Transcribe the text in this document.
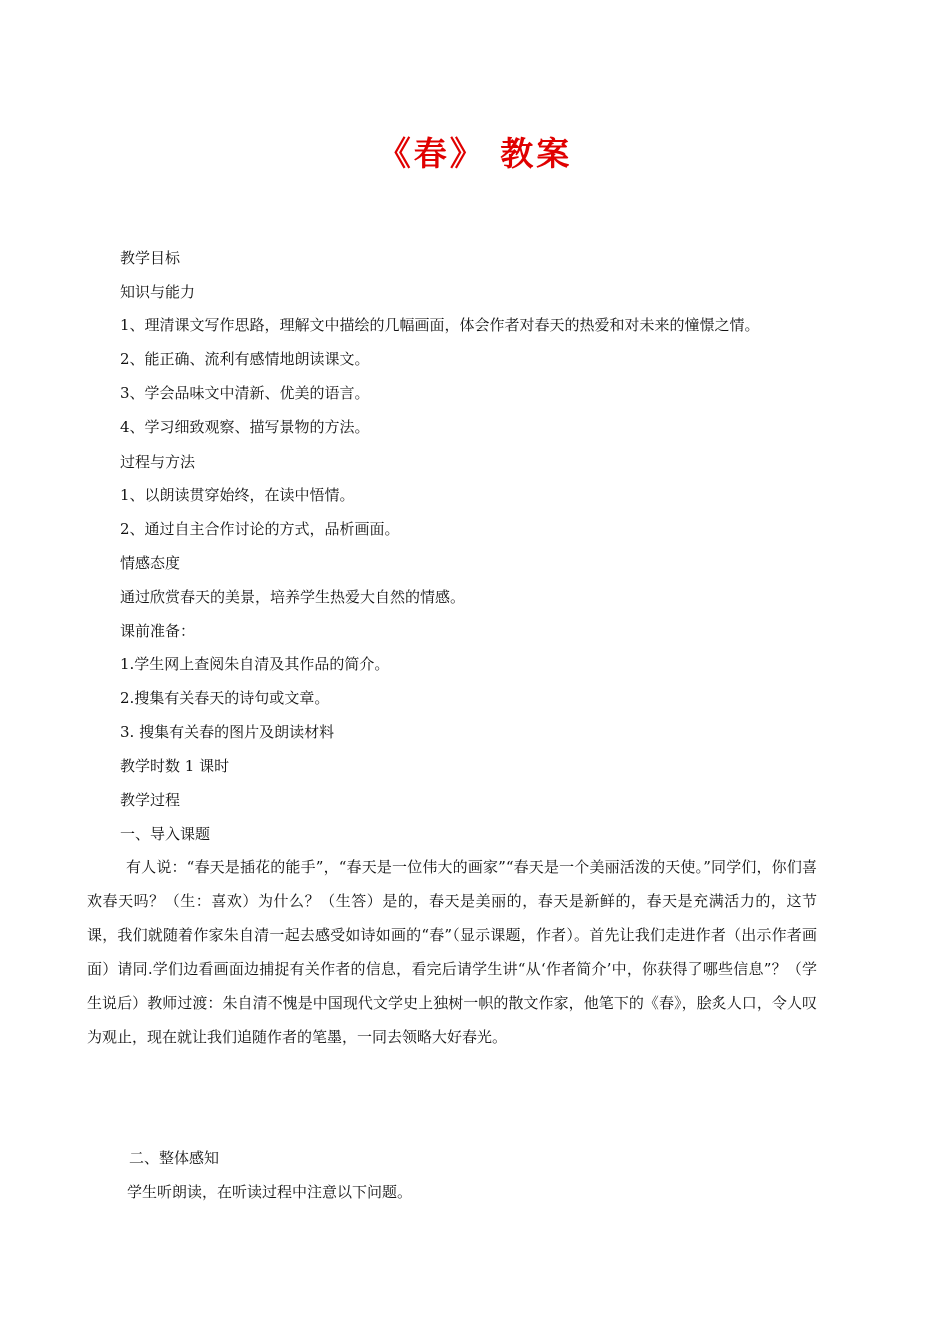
《春》 教案

教学目标

知识与能力

1、理清课文写作思路，理解文中描绘的几幅画面，体会作者对春天的热爱和对未来的憧憬之情。

2、能正确、流利有感情地朗读课文。

3、学会品味文中清新、优美的语言。

4、学习细致观察、描写景物的方法。

过程与方法

1、以朗读贯穿始终，在读中悟情。

2、通过自主合作讨论的方式，品析画面。

情感态度

通过欣赏春天的美景，培养学生热爱大自然的情感。

课前准备：

1.学生网上查阅朱自清及其作品的简介。

2.搜集有关春天的诗句或文章。

3. 搜集有关春的图片及朗读材料

教学时数 1 课时

教学过程

一、导入课题

有人说：“春天是插花的能手”，“春天是一位伟大的画家”“春天是一个美丽活泼的天使。”同学们，你们喜欢春天吗？（生：喜欢）为什么？（生答）是的，春天是美丽的，春天是新鲜的，春天是充满活力的，这节课，我们就随着作家朱自清一起去感受如诗如画的“春”（显示课题，作者）。首先让我们走进作者（出示作者画面）请同.学们边看画面边捕捉有关作者的信息，看完后请学生讲“从‘作者简介’中，你获得了哪些信息”？（学生说后）教师过渡：朱自清不愧是中国现代文学史上独树一帜的散文作家，他笔下的《春》，脍炙人口，令人叹为观止，现在就让我们追随作者的笔墨，一同去领略大好春光。

二、整体感知

学生听朗读，在听读过程中注意以下问题。
